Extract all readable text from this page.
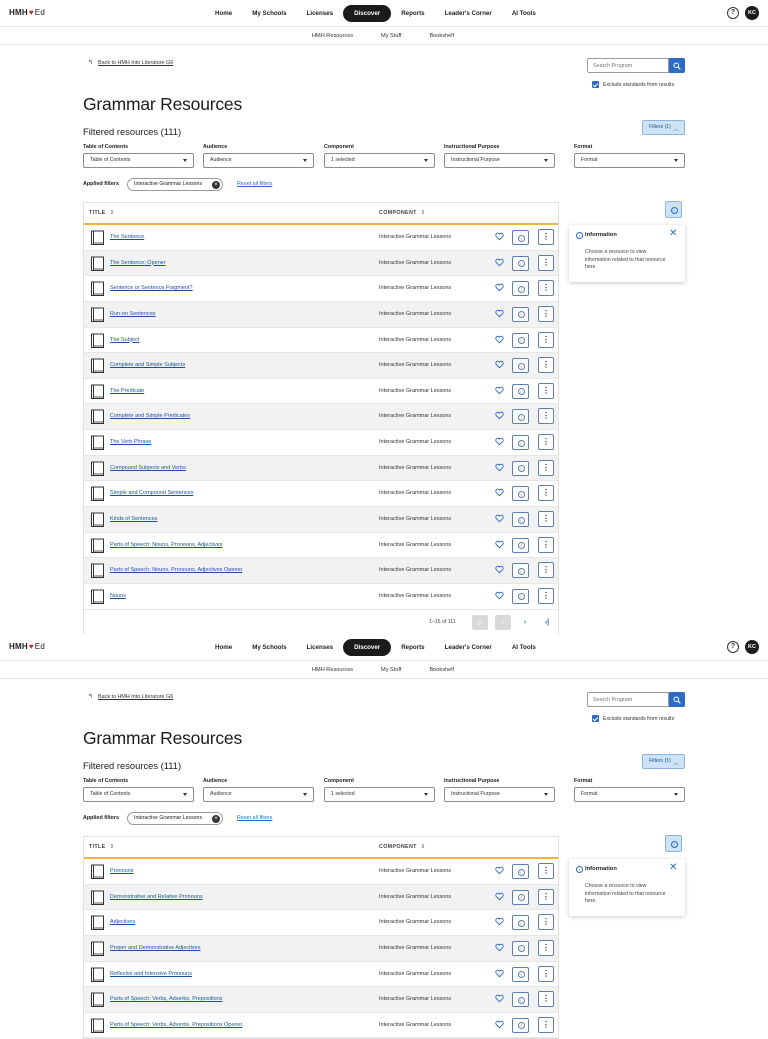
HMH♥Ed	Home	My Schools	Licenses	Discover	Reports	Leader's Corner	AI Tools	?	KC
HMH Resources	My Stuff	Bookshelf
↰ Back to HMH Into Literature G6
Search Program
Exclude standards from results
Grammar Resources
Filtered resources (111)	Filters (1) ︿
Table of Contents
Table of Contents
Audience
Audience
Component
1 selected
Instructional Purpose
Instructional Purpose
Format
Format
Applied filters	Interactive Grammar Lessons	×	Reset all filters
TITLE ⇕	COMPONENT ⇕
The Sentence	Interactive Grammar Lessons	i	⋮
The Sentence: Opener	Interactive Grammar Lessons	i	⋮
Sentence or Sentence Fragment?	Interactive Grammar Lessons	i	⋮
Run-on Sentences	Interactive Grammar Lessons	i	⋮
The Subject	Interactive Grammar Lessons	i	⋮
Complete and Simple Subjects	Interactive Grammar Lessons	i	⋮
The Predicate	Interactive Grammar Lessons	i	⋮
Complete and Simple Predicates	Interactive Grammar Lessons	i	⋮
The Verb Phrase	Interactive Grammar Lessons	i	⋮
Compound Subjects and Verbs	Interactive Grammar Lessons	i	⋮
Simple and Compound Sentences	Interactive Grammar Lessons	i	⋮
Kinds of Sentences	Interactive Grammar Lessons	i	⋮
Parts of Speech: Nouns, Pronouns, Adjectives	Interactive Grammar Lessons	i	⋮
Parts of Speech: Nouns, Pronouns, Adjectives Opener	Interactive Grammar Lessons	i	⋮
Nouns	Interactive Grammar Lessons	i	⋮
1–15 of 111	|‹	‹	›	›|
i
i Information	✕
Choose a resource to view information related to that resource here.
HMH♥Ed	Home	My Schools	Licenses	Discover	Reports	Leader's Corner	AI Tools	?	KC
HMH Resources	My Stuff	Bookshelf
↰ Back to HMH Into Literature G6
Search Program
Exclude standards from results
Grammar Resources
Filtered resources (111)	Filters (1) ︿
Table of Contents
Table of Contents
Audience
Audience
Component
1 selected
Instructional Purpose
Instructional Purpose
Format
Format
Applied filters	Interactive Grammar Lessons	×	Reset all filters
TITLE ⇕	COMPONENT ⇕
Pronouns	Interactive Grammar Lessons	i	⋮
Demonstrative and Relative Pronouns	Interactive Grammar Lessons	i	⋮
Adjectives	Interactive Grammar Lessons	i	⋮
Proper and Demonstrative Adjectives	Interactive Grammar Lessons	i	⋮
Reflexive and Intensive Pronouns	Interactive Grammar Lessons	i	⋮
Parts of Speech: Verbs, Adverbs, Prepositions	Interactive Grammar Lessons	i	⋮
Parts of Speech: Verbs, Adverbs, Prepositions Opener	Interactive Grammar Lessons	i	⋮
i
i Information	✕
Choose a resource to view information related to that resource here.
